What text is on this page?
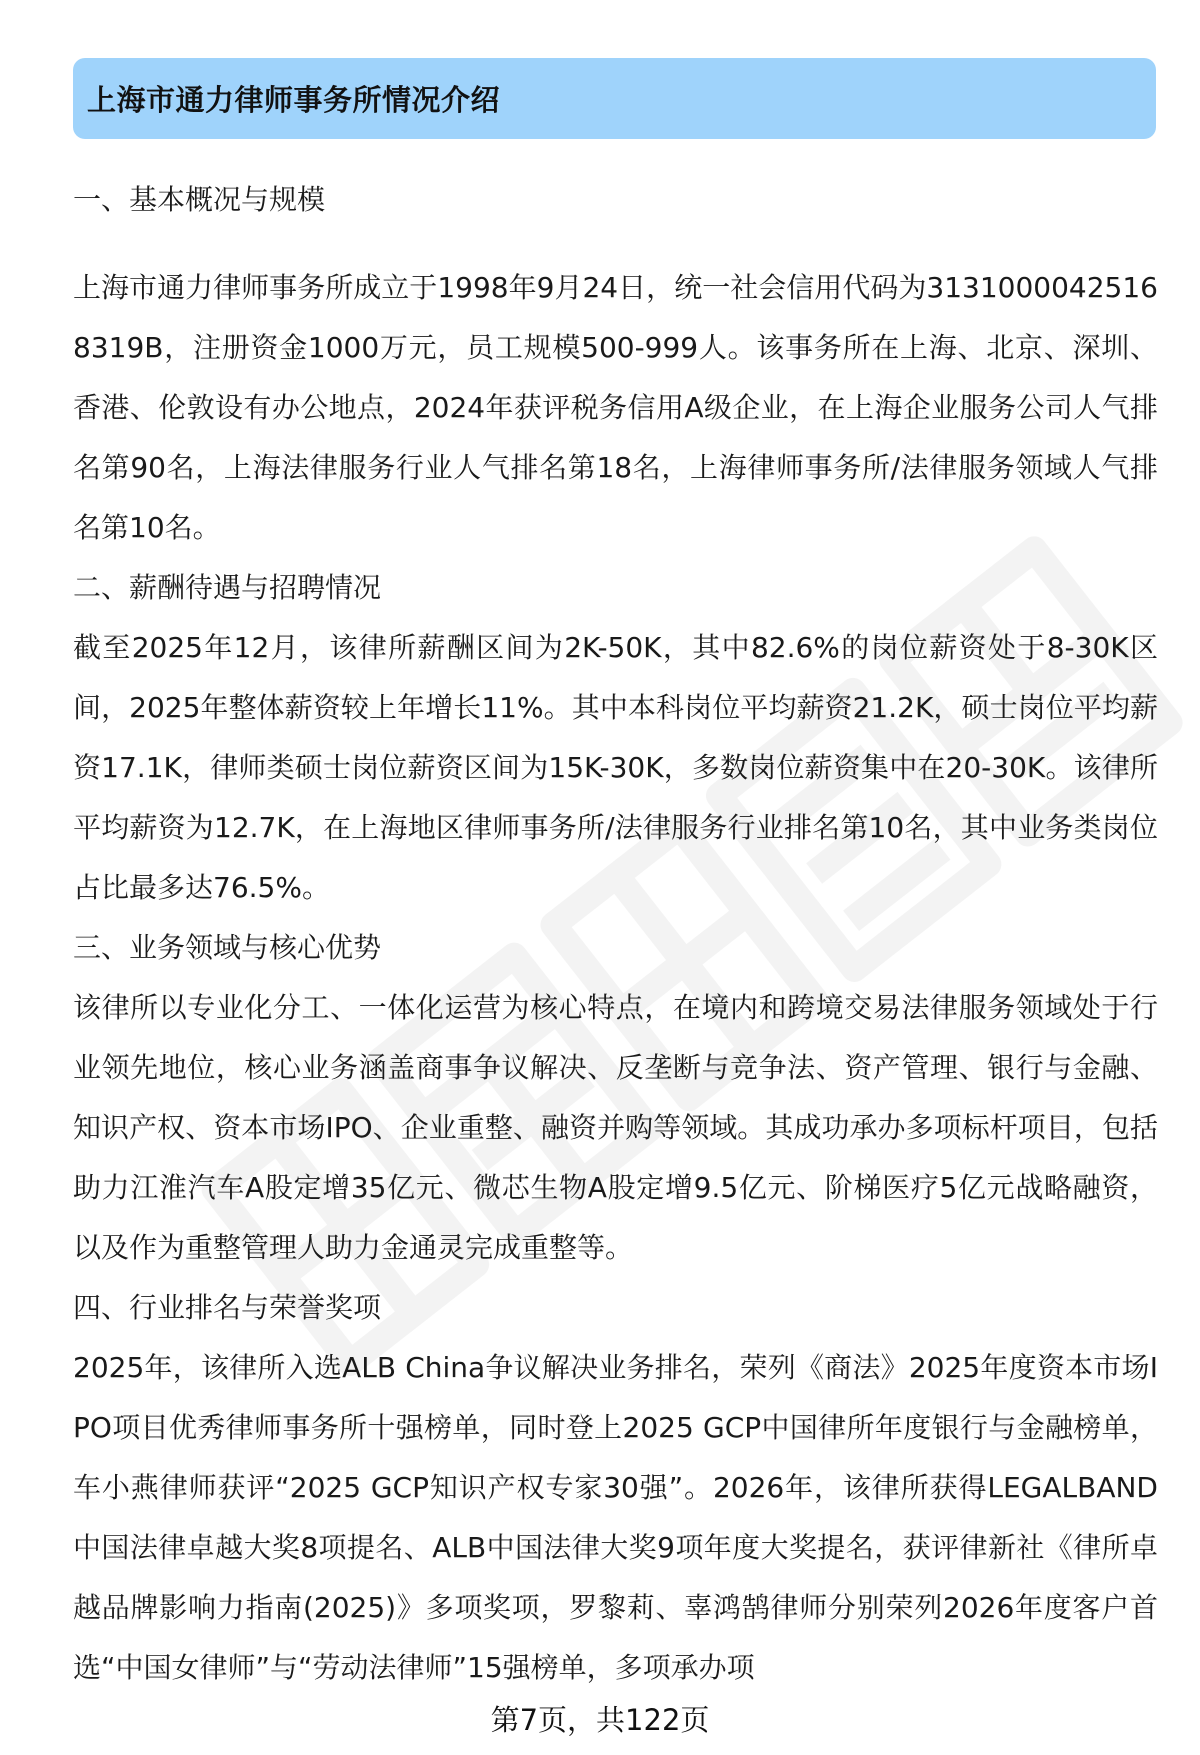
上海市通力律师事务所情况介绍

一、基本概况与规模

上海市通力律师事务所成立于1998年9月24日，统一社会信用代码为31310000425168319B，注册资金1000万元，员工规模500-999人。该事务所在上海、北京、深圳、香港、伦敦设有办公地点，2024年获评税务信用A级企业，在上海企业服务公司人气排名第90名，上海法律服务行业人气排名第18名，上海律师事务所/法律服务领域人气排名第10名。

二、薪酬待遇与招聘情况

截至2025年12月，该律所薪酬区间为2K-50K，其中82.6%的岗位薪资处于8-30K区间，2025年整体薪资较上年增长11%。其中本科岗位平均薪资21.2K，硕士岗位平均薪资17.1K，律师类硕士岗位薪资区间为15K-30K，多数岗位薪资集中在20-30K。该律所平均薪资为12.7K，在上海地区律师事务所/法律服务行业排名第10名，其中业务类岗位占比最多达76.5%。

三、业务领域与核心优势

该律所以专业化分工、一体化运营为核心特点，在境内和跨境交易法律服务领域处于行业领先地位，核心业务涵盖商事争议解决、反垄断与竞争法、资产管理、银行与金融、知识产权、资本市场IPO、企业重整、融资并购等领域。其成功承办多项标杆项目，包括助力江淮汽车A股定增35亿元、微芯生物A股定增9.5亿元、阶梯医疗5亿元战略融资，以及作为重整管理人助力金通灵完成重整等。

四、行业排名与荣誉奖项

2025年，该律所入选ALB China争议解决业务排名，荣列《商法》2025年度资本市场IPO项目优秀律师事务所十强榜单，同时登上2025 GCP中国律所年度银行与金融榜单，车小燕律师获评“2025 GCP知识产权专家30强”。2026年，该律所获得LEGALBAND中国法律卓越大奖8项提名、ALB中国法律大奖9项年度大奖提名，获评律新社《律所卓越品牌影响力指南(2025)》多项奖项，罗黎莉、辜鸿鹄律师分别荣列2026年度客户首选“中国女律师”与“劳动法律师”15强榜单，多项承办项

第7页，共122页
